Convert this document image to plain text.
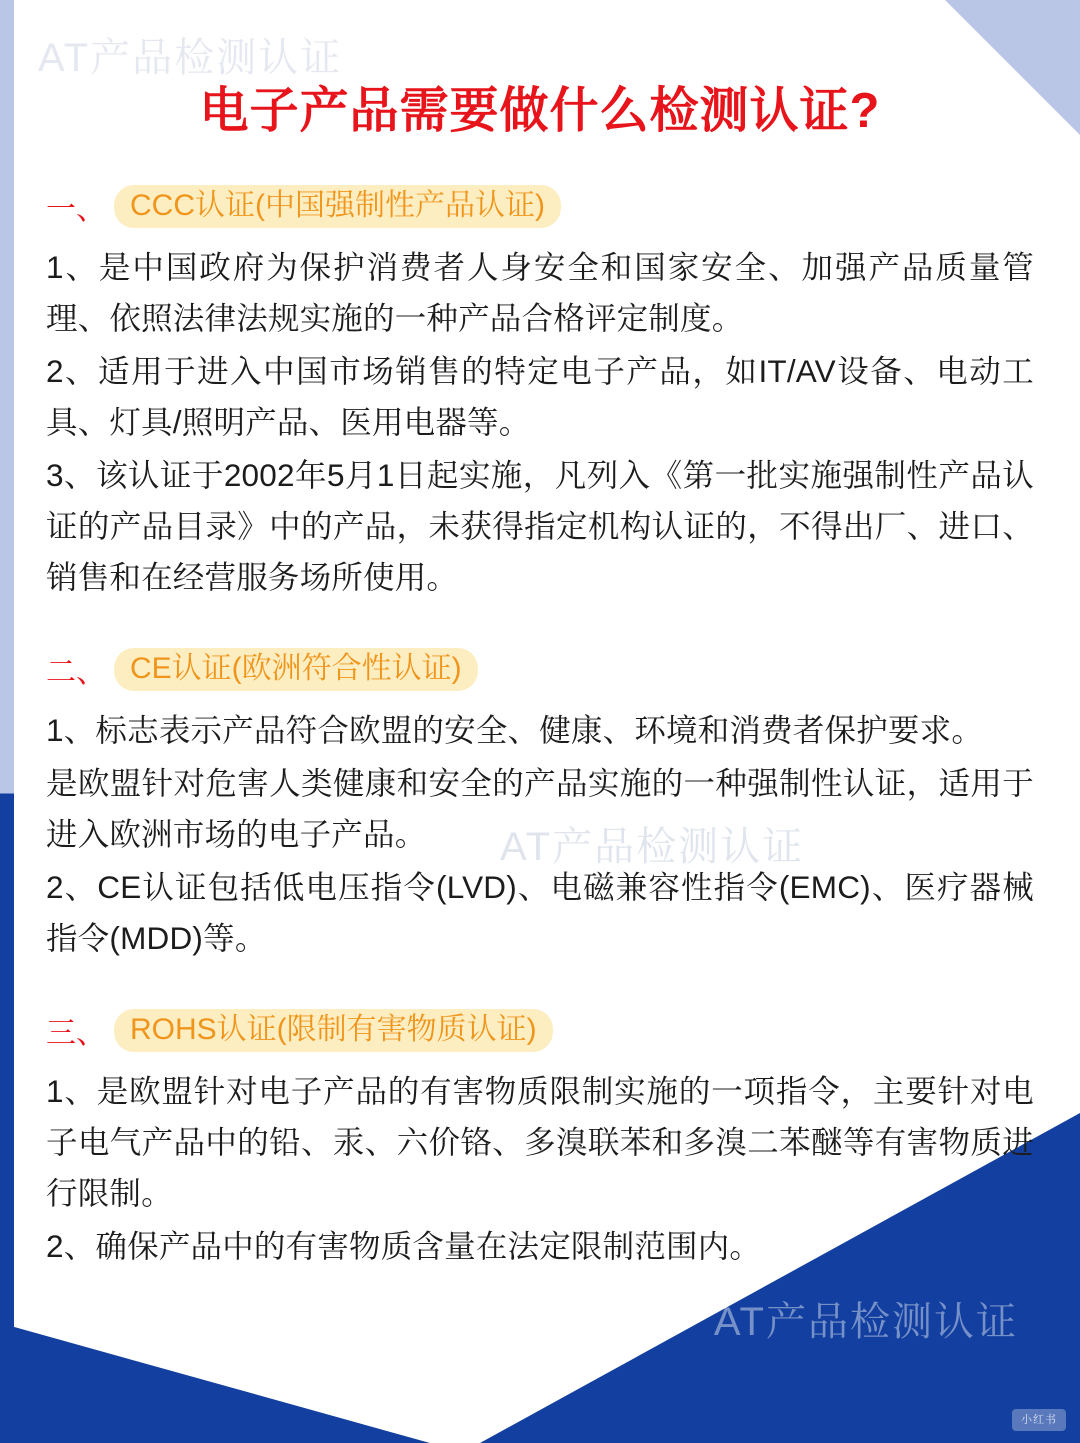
AT产品检测认证
AT产品检测认证
AT产品检测认证
电子产品需要做什么检测认证?
一、 CCC认证(中国强制性产品认证)

1、是中国政府为保护消费者人身安全和国家安全、加强产品质量管理、依照法律法规实施的一种产品合格评定制度。

2、适用于进入中国市场销售的特定电子产品，如IT/AV设备、电动工具、灯具/照明产品、医用电器等。

3、该认证于2002年5月1日起实施，凡列入《第一批实施强制性产品认证的产品目录》中的产品，未获得指定机构认证的，不得出厂、进口、销售和在经营服务场所使用。

二、 CE认证(欧洲符合性认证)

1、标志表示产品符合欧盟的安全、健康、环境和消费者保护要求。

是欧盟针对危害人类健康和安全的产品实施的一种强制性认证，适用于进入欧洲市场的电子产品。

2、CE认证包括低电压指令(LVD)、电磁兼容性指令(EMC)、医疗器械指令(MDD)等。

三、 ROHS认证(限制有害物质认证)

1、是欧盟针对电子产品的有害物质限制实施的一项指令，主要针对电子电气产品中的铅、汞、六价铬、多溴联苯和多溴二苯醚等有害物质进行限制。

2、确保产品中的有害物质含量在法定限制范围内。

小红书
